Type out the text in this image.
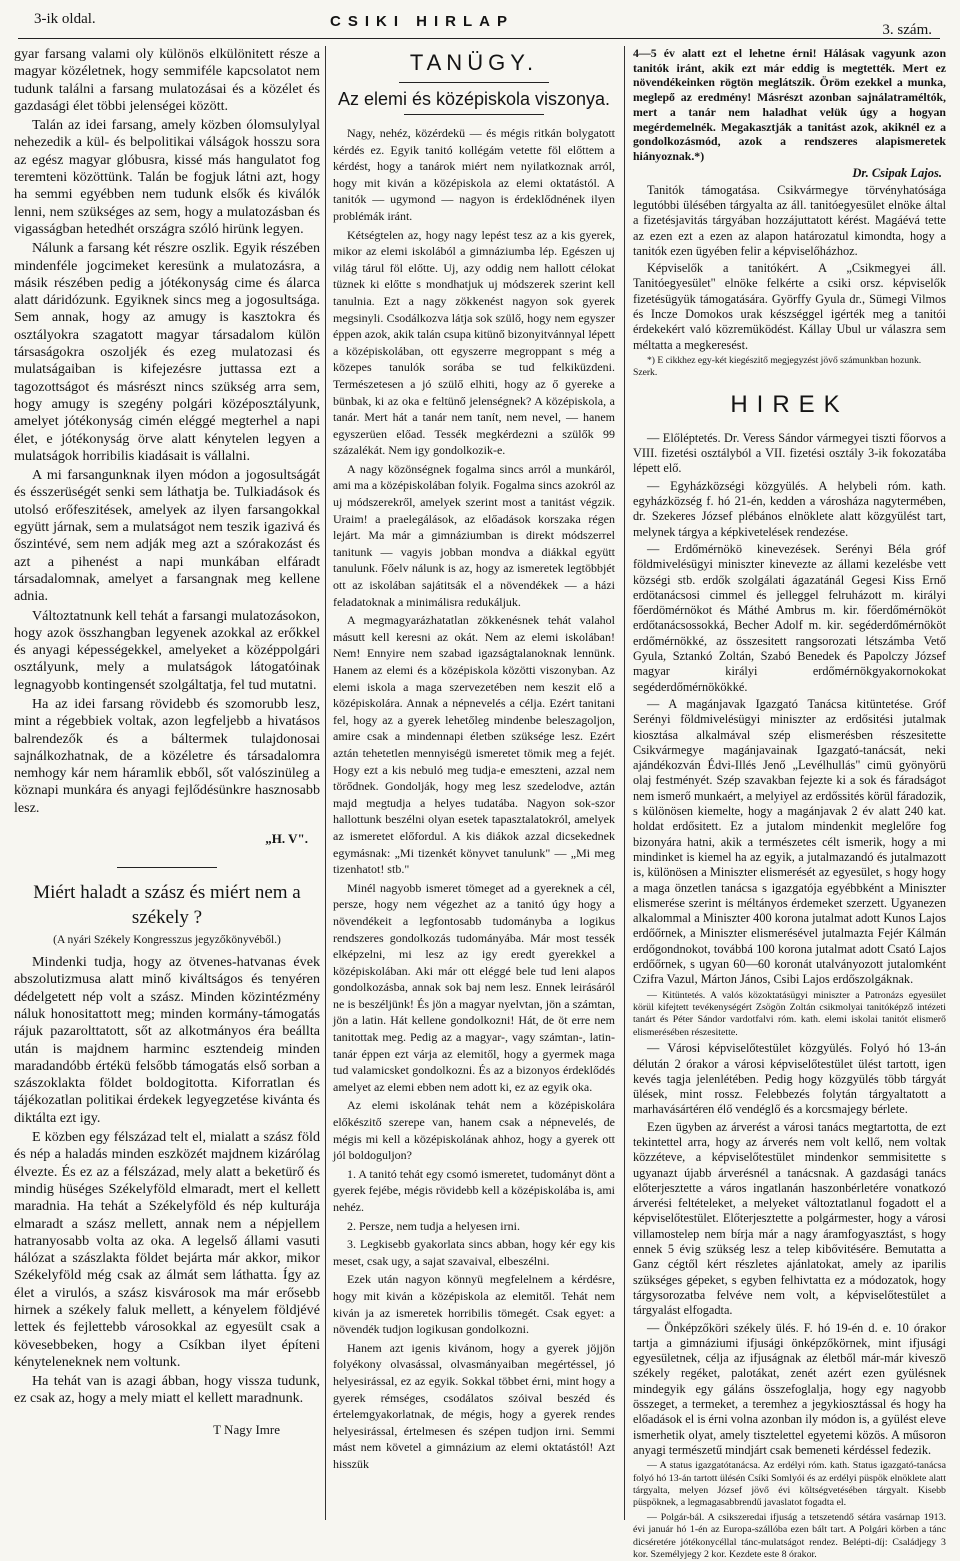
3-ik oldal.	CSIKI HIRLAP	3. szám.

gyar farsang valami oly különös elkülönitett része a magyar közéletnek, hogy semmiféle kapcsolatot nem tudunk találni a farsang mulatozásai és a közélet és gazdasági élet többi jelenségei között.

Talán az idei farsang, amely közben ólomsulylyal nehezedik a kül- és belpolitikai válságok hosszu sora az egész magyar glóbusra, kissé más hangulatot fog teremteni közöttünk. Talán be fogjuk látni azt, hogy ha semmi egyébben nem tudunk elsők és kiválók lenni, nem szükséges az sem, hogy a mulatozásban és vigasságban hetedhét országra szóló hirünk legyen.

Nálunk a farsang két részre oszlik. Egyik részében mindenféle jogcimeket keresünk a mulatozásra, a másik részében pedig a jótékonyság cime és álarca alatt dáridózunk. Egyiknek sincs meg a jogosultsága. Sem annak, hogy az amugy is kasztokra és osztályokra szagatott magyar társadalom külön társaságokra oszoljék és ezeg mulatozasi és mulatságaiban is kifejezésre juttassa ezt a tagozottságot és másrészt nincs szükség arra sem, hogy amugy is szegény polgári középosztályunk, amelyet jótékonyság cimén eléggé megterhel a napi élet, e jótékonyság örve alatt kénytelen legyen a mulatságok horribilis kiadásait is vállalni.

A mi farsangunknak ilyen módon a jogosultságát és ésszerüségét senki sem láthatja be. Tulkiadások és utolsó erőfeszitések, amelyek az ilyen farsangokkal együtt járnak, sem a mulatságot nem teszik igazivá és őszintévé, sem nem adják meg azt a szórakozást és azt a pihenést a napi munkában elfáradt társadalomnak, amelyet a farsangnak meg kellene adnia.

Változtatnunk kell tehát a farsangi mulatozásokon, hogy azok összhangban legyenek azokkal az erőkkel és anyagi képességekkel, amelyeket a középpolgári osztályunk, mely a mulatságok látogatóinak legnagyobb kontingensét szolgáltatja, fel tud mutatni.

Ha az idei farsang rövidebb és szomorubb lesz, mint a régebbiek voltak, azon legfeljebb a hivatásos balrendezők és a báltermek tulajdonosai sajnálkozhatnak, de a közéletre és társadalomra nemhogy kár nem háramlik ebből, sőt valószinüleg a köznapi munkára és anyagi fejlődésünkre hasznosabb lesz.

„H. V".
Miért haladt a szász és miért nem a székely ?
(A nyári Székely Kongresszus jegyzőkönyvéből.)

Mindenki tudja, hogy az ötvenes-hatvanas évek abszolutizmusa alatt minő kiváltságos és tenyéren dédelgetett nép volt a szász. Minden közintézmény náluk honositattott meg; minden kormány-támogatás rájuk pazarolttatott, sőt az alkotmányos éra beállta után is majdnem harminc esztendeig minden maradandóbb értékü felsőbb támogatás első sorban a szászoklakta földet boldogitotta. Kiforratlan és tájékozatlan politikai érdekek legyegzetése kivánta és diktálta ezt igy.

E közben egy félszázad telt el, mialatt a szász föld és nép a haladás minden eszközét majdnem kizárólag élvezte. És ez az a félszázad, mely alatt a beketürő és mindig hüséges Székelyföld elmaradt, mert el kellett maradnia. Ha tehát a Székelyföld és nép kulturája elmaradt a szász mellett, annak nem a népjellem hatranyosabb volta az oka. A legelső állami vasuti hálózat a szászlakta földet bejárta már akkor, mikor Székelyföld még csak az álmát sem láthatta. Így az élet a virulós, a szász kisvárosok ma már erősebb hirnek a székely faluk mellett, a kényelem földjévé lettek és fejlettebb városokkal az egyesült csak a kövesebbeken, hogy a Csíkban ilyet építeni kényteleneknek nem voltunk.

Ha tehát van is azagi ábban, hogy vissza tudunk, ez csak az, hogy a mely miatt el kellett maradnunk.

T Nagy Imre
TANÜGY.
Az elemi és középiskola viszonya.

Nagy, nehéz, közérdekü — és mégis ritkán bolygatott kérdés ez. Egyik tanitó kollégám vetette föl előttem a kérdést, hogy a tanárok miért nem nyilatkoznak arról, hogy mit kiván a középiskola az elemi oktatástól. A tanitók — ugymond — nagyon is érdeklődnének ilyen problémák iránt.

Kétségtelen az, hogy nagy lepést tesz az a kis gyerek, mikor az elemi iskolából a gimnáziumba lép. Egészen uj világ tárul föl előtte. Uj, azy oddig nem hallott célokat tüznek ki előtte s mondhatjuk uj módszerek szerint kell tanulnia. Ezt a nagy zökkenést nagyon sok gyerek megsinyli. Csodálkozva látja sok szülő, hogy nem egyszer éppen azok, akik talán csupa kitünő bizonyitvánnyal lépett a középiskolában, ott egyszerre megroppant s még a közepes tanulók sorába se tud felkiküzdeni. Természetesen a jó szülő elhiti, hogy az ő gyereke a bünbak, ki az oka e feltünő jelenségnek? A középiskola, a tanár. Mert hát a tanár nem tanít, nem nevel, — hanem egyszerüen előad. Tessék megkérdezni a szülők 99 százalékát. Nem igy gondolkozik-e.

A nagy közönségnek fogalma sincs arról a munkáról, ami ma a középiskolában folyik. Fogalma sincs azokról az uj módszerekről, amelyek szerint most a tanitást végzik. Uraim! a praelegálások, az előadások korszaka régen lejárt. Ma már a gimnáziumban is direkt módszerrel tanitunk — vagyis jobban mondva a diákkal együtt tanulunk. Főelv nálunk is az, hogy az ismeretek legtöbbjét ott az iskolában sajátitsák el a növendékek — a házi feladatoknak a minimálisra redukáljuk.

A megmagyarázhatatlan zökkenésnek tehát valahol másutt kell keresni az okát. Nem az elemi iskolában! Nem! Ennyire nem szabad igazságtalanoknak lennünk. Hanem az elemi és a középiskola közötti viszonyban. Az elemi iskola a maga szervezetében nem keszit elő a középiskolára. Annak a népnevelés a célja. Ezért tanitani fel, hogy az a gyerek lehetőleg mindenbe beleszagoljon, amire csak a mindennapi életben szüksége lesz. Ezért aztán tehetetlen mennyiségü ismeretet tömik meg a fejét. Hogy ezt a kis nebuló meg tudja-e emeszteni, azzal nem törődnek. Gondolják, hogy meg lesz szedelodve, aztán majd megtudja a helyes tudatába. Nagyon sok-szor hallottunk beszélni olyan esetek tapasztalatokról, amelyek az ismeretet előfordul. A kis diákok azzal dicsekednek egymásnak: „Mi tizenkét könyvet tanulunk" — „Mi meg tizenhatot! stb."

Minél nagyobb ismeret tömeget ad a gyereknek a cél, persze, hogy nem végezhet az a tanitó úgy hogy a növendékeit a legfontosabb tudományba a logikus rendszeres gondolkozás tudományába. Már most tessék elképzelni, mi lesz az igy eredt gyerekkel a középiskolában. Aki már ott eléggé bele tud leni alapos gondolkozásba, annak sok baj nem lesz. Ennek leirásáról ne is beszéljünk! És jön a magyar nyelvtan, jön a számtan, jön a latin. Hát kellene gondolkozni! Hát, de öt erre nem tanitottak meg. Pedig az a magyar-, vagy számtan-, latin-tanár éppen ezt várja az elemitől, hogy a gyermek maga tud valamicsket gondolkozni. És az a bizonyos érdeklődés amelyet az elemi ebben nem adott ki, ez az egyik oka.

Az elemi iskolának tehát nem a középiskolára előkészitő szerepe van, hanem csak a népnevelés, de mégis mi kell a középiskolának ahhoz, hogy a gyerek ott jól boldoguljon?

1. A tanitó tehát egy csomó ismeretet, tudományt dönt a gyerek fejébe, mégis rövidebb kell a középiskolába is, ami nehéz.

2. Persze, nem tudja a helyesen irni.

3. Legkisebb gyakorlata sincs abban, hogy kér egy kis meset, csak ugy, a sajat szavaival, elbeszélni.

Ezek után nagyon könnyü megfelelnem a kérdésre, hogy mit kiván a középiskola az elemitől. Tehát nem kiván ja az ismeretek horribilis tömegét. Csak egyet: a növendék tudjon logikusan gondolkozni.

Hanem azt igenis kivánom, hogy a gyerek jöjjön folyékony olvasással, olvasmányaiban megértéssel, jó helyesirással, ez az egyik. Sokkal többet érni, mint hogy a gyerek rémséges, csodálatos szóival beszéd és értelemgyakorlatnak, de mégis, hogy a gyerek rendes helyesirással, értelmesen és szépen tudjon irni. Semmi mást nem követel a gimnázium az elemi oktatástól! Azt hisszük

4—5 év alatt ezt el lehetne érni! Hálásak vagyunk azon tanitók iránt, akik ezt már eddig is megtették. Mert ez növendékeinken rögtön meglátszik. Öröm ezekkel a munka, meglepő az eredmény! Másrészt azonban sajnálatraméltók, mert a tanár nem haladhat velük úgy a hogyan megérdemelnék. Megakasztják a tanitást azok, akiknél ez a gondolkozásmód, azok a rendszeres alapismeretek hiányoznak.*)

Dr. Csipak Lajos.

Tanitók támogatása. Csikvármegye törvényhatósága legutóbbi ülésében tárgyalta az áll. tanitóegyesület elnöke által a fizetésjavitás tárgyában hozzájuttatott kérést. Magáévá tette az ezen ezt a ezen az alapon határozatul kimondta, hogy a tanitók ezen ügyében felir a képviselőházhoz.

Képviselők a tanitókért. A „Csikmegyei áll. Tanitóegyesület" elnöke felkérte a csiki orsz. képviselők fizetésügyük támogatására. Györffy Gyula dr., Sümegi Vilmos és Incze Domokos urak készséggel igérték meg a tanitói érdekekért való közremüködést. Kállay Ubul ur válaszra sem méltatta a megkeresést.

*) E cikkhez egy-két kiegészitő megjegyzést jövő számunkban hozunk. Szerk.
HIREK

— Előléptetés. Dr. Veress Sándor vármegyei tiszti főorvos a VIII. fizetési osztályból a VII. fizetési osztály 3-ik fokozatába lépett elő.

— Egyházközségi közgyülés. A helybeli róm. kath. egyházközség f. hó 21-én, kedden a városháza nagytermében, dr. Szekeres József plébános elnöklete alatt közgyülést tart, melynek tárgya a képkivetelések rendezése.

— Erdőmérnökö kinevezések. Serényi Béla gróf földmivelésügyi miniszter kinevezte az állami kezelésbe vett községi stb. erdők szolgálati ágazatánál Gegesi Kiss Ernő erdötanácsosi cimmel és jelleggel felruházott m. királyi főerdömérnökot és Máthé Ambrus m. kir. főerdőmérnököt erdőtanácsossokká, Becher Adolf m. kir. segéderdőmérnököt erdőmérnökké, az összesitett rangsorozati létszámba Vető Gyula, Sztankó Zoltán, Szabó Benedek és Papolczy József magyar királyi erdőmérnökgyakornokokat segéderdőmérnökökké.

— A magánjavak Igazgató Tanácsa kitüntetése. Gróf Serényi földmivelésügyi miniszter az erdősitési jutalmak kiosztása alkalmával szép elismerésben részesitette Csikvármegye magánjavainak Igazgató-tanácsát, neki ajándékozván Édvi-Illés Jenő „Levélhullás" cimü gyönyörü olaj festményét. Szép szavakban fejezte ki a sok és fáradságot nem ismerő munkaért, a melyiyel az erdőssités körül fáradozik, s különösen kiemelte, hogy a magánjavak 2 év alatt 240 kat. holdat erdősitett. Ez a jutalom mindenkit meglelőre fog bizonyára hatni, akik a természetes célt ismerik, hogy a mi mindinket is kiemel ha az egyik, a jutalmazandó és jutalmazott is, különösen a Miniszter elismerését az egyesület, s hogy hogy a maga önzetlen tanácsa s igazgatója egyébbként a Miniszter elismerése szerint is méltányos érdemeket szerzett. Ugyanezen alkalommal a Miniszter 400 korona jutalmat adott Kunos Lajos erdőőrnek, a Miniszter elismerésével jutalmazta Fejér Kálmán erdőgondnokot, továbbá 100 korona jutalmat adott Csató Lajos erdőőrnek, s ugyan 60—60 koronát utalványozott jutalomként Czifra Vazul, Márton János, Csibi Lajos erdőszolgáknak.

— Kitüntetés. A valós közoktatásügyi miniszter a Patronázs egyesület körül kifejtett tevékenységért Zsögön Zoltán csikmolyai tanitóképző intézeti tanárt és Péter Sándor vardotfalvi róm. kath. elemi iskolai tanitót elismerő elismerésében részesitette.

— Városi képviselőtestület közgyülés. Folyó hó 13-án délután 2 órakor a városi képviselőtestület ülést tartott, igen kevés tagja jelenlétében. Pedig hogy közgyülés több tárgyát ülések, mint rossz. Felebbezés folytán tárgyaltatott a marhavásártéren élő vendéglő és a korcsmajegy bérlete.

Ezen ügyben az árverést a városi tanács megtartotta, de ezt tekintettel arra, hogy az árverés nem volt kellő, nem voltak közzéteve, a képviselőtestület mindenkor semmisitette s ugyanazt újabb árverésnél a tanácsnak. A gazdasági tanács előterjesztette a város ingatlanán haszonbérletére vonatkozó árverési feltételeket, a melyeket változtatlanul fogadott el a képviselőtestület. Előterjesztette a polgármester, hogy a városi villamostelep nem bírja már a nagy áramfogyasztást, s hogy ennek 5 évig szükség lesz a telep kibővitésére. Bemutatta a Ganz cégtől kért részletes ajánlatokat, amely az iparilis szükséges gépeket, s egyben felhivtatta ez a módozatok, hogy tárgysorozatba felvéve nem volt, a képviselőtestület a tárgyalást elfogadta.

— Önképzőköri székely ülés. F. hó 19-én d. e. 10 órakor tartja a gimnáziumi ifjusági önképzőkörnek, mint ifjusági egyesületnek, célja az ifjuságnak az életből már-már kiveszö székely regéket, palotákat, zenét azért ezen gyülésnek mindegyik egy gáláns összefoglalja, hogy egy nagyobb összeget, a termeket, a teremhez a jegykiosztással és hogy ha előadások el is érni volna azonban ily módon is, a gyülést eleve ismerhetik olyat, amely tisztelettel egyetemi közös. A műsoron anyagi természetű mindjárt csak bemeneti kérdéssel fedezik.

— A status igazgatótanácsa. Az erdélyi róm. kath. Status igazgató-tanácsa folyó hó 13-án tartott ülésén Csíki Somlyói és az erdélyi püspök elnöklete alatt tárgyalta, melyen József jövő évi költségvetésében tárgyalt. Kisebb püspöknek, a legmagasabbrendű javaslatot fogadta el.

— Polgár-bál. A csikszeredai ifjuság a tetszetendő sétára vasárnap 1913. évi január hó 1-én az Europa-szállóba ezen bált tart. A Polgári körben a tánc dicséretére jótékonycéllal tánc-mulatságot rendez. Belépti-díj: Családjegy 3 kor. Személyjegy 2 kor. Kezdete este 8 órakor.
